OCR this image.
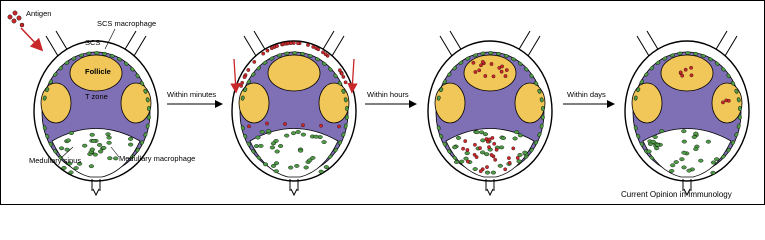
Antigen
SCS macrophage
SCS
Follicle
T zone
Medullary sinus	Medullary macrophage
Within minutes	Within hours	Within days
Current Opinion in Immunology
